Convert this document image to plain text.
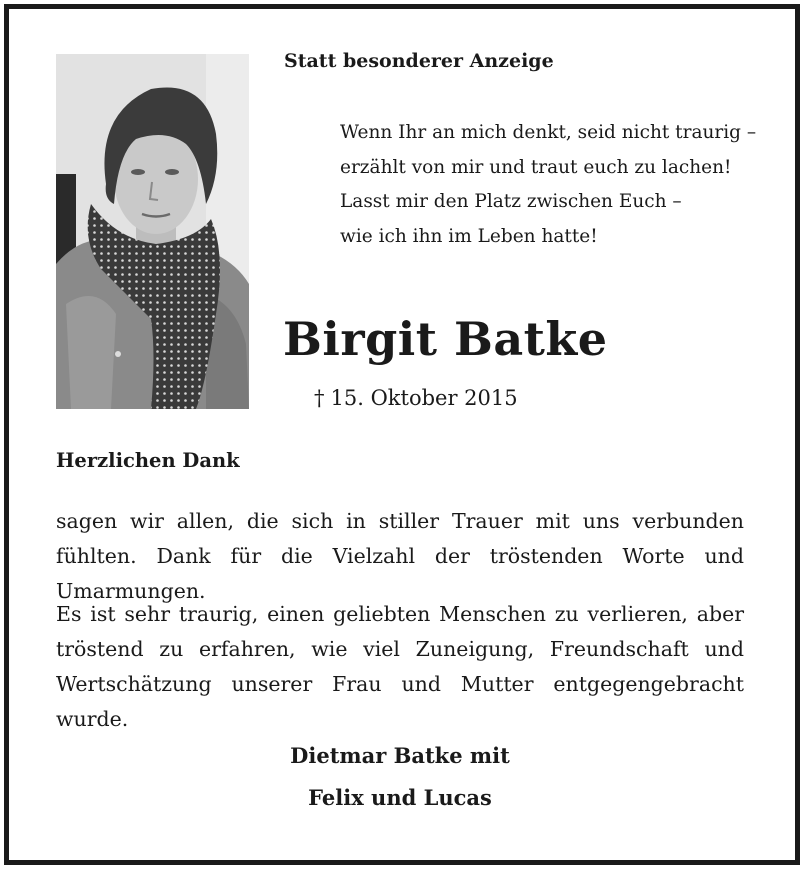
Statt besonderer Anzeige
Wenn Ihr an mich denkt, seid nicht traurig –
erzählt von mir und traut euch zu lachen!
Lasst mir den Platz zwischen Euch –
wie ich ihn im Leben hatte!
Birgit Batke
† 15. Oktober 2015
Herzlichen Dank
sagen wir allen, die sich in stiller Trauer mit uns verbunden fühlten. Dank für die Vielzahl der tröstenden Worte und Umarmungen.
Es ist sehr traurig, einen geliebten Menschen zu verlieren, aber tröstend zu erfahren, wie viel Zuneigung, Freundschaft und Wertschätzung unserer Frau und Mutter entgegengebracht wurde.
Dietmar Batke mit
Felix und Lucas
